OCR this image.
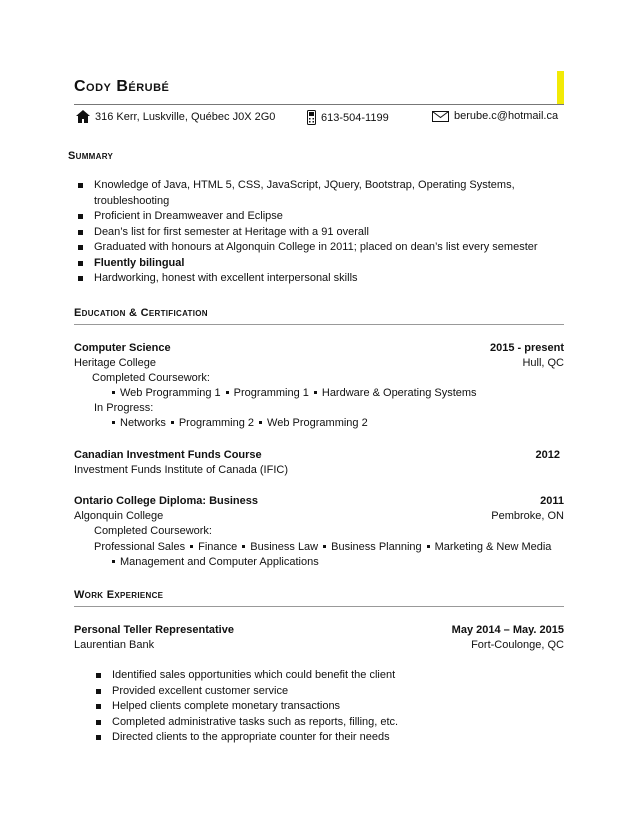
Cody Bérubé
316 Kerr, Luskville, Québec J0X 2G0	613-504-1199	berube.c@hotmail.ca
Summary
Knowledge of Java, HTML 5, CSS, JavaScript, JQuery, Bootstrap, Operating Systems,
troubleshooting
Proficient in Dreamweaver and Eclipse
Dean’s list for first semester at Heritage with a 91 overall
Graduated with honours at Algonquin College in 2011; placed on dean’s list every semester
Fluently bilingual
Hardworking, honest with excellent interpersonal skills
Education & Certification
Computer Science	2015 - present
Heritage College	Hull, QC
Completed Coursework:
Web Programming 1 Programming 1 Hardware & Operating Systems
In Progress:
Networks Programming 2 Web Programming 2
Canadian Investment Funds Course	2012
Investment Funds Institute of Canada (IFIC)
Ontario College Diploma: Business	2011
Algonquin College	Pembroke, ON
Completed Coursework:
Professional Sales Finance Business Law Business Planning Marketing & New Media
Management and Computer Applications
Work Experience
Personal Teller Representative	May 2014 – May. 2015
Laurentian Bank	Fort-Coulonge, QC
Identified sales opportunities which could benefit the client
Provided excellent customer service
Helped clients complete monetary transactions
Completed administrative tasks such as reports, filling, etc.
Directed clients to the appropriate counter for their needs
